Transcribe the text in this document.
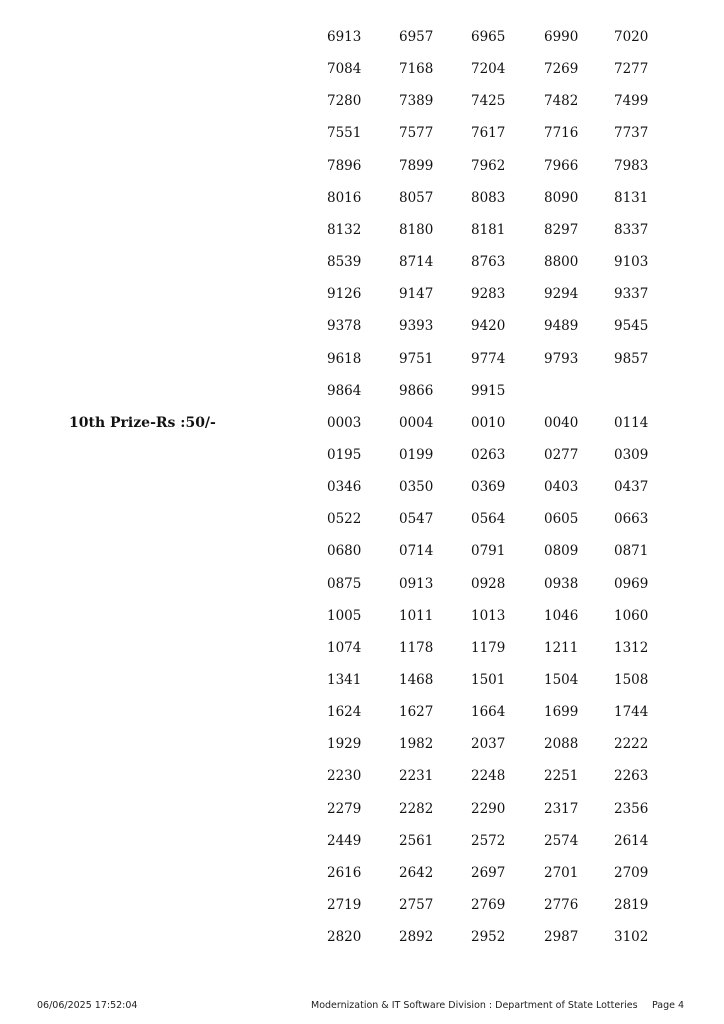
6913	6957	6965	6990	7020
7084	7168	7204	7269	7277
7280	7389	7425	7482	7499
7551	7577	7617	7716	7737
7896	7899	7962	7966	7983
8016	8057	8083	8090	8131
8132	8180	8181	8297	8337
8539	8714	8763	8800	9103
9126	9147	9283	9294	9337
9378	9393	9420	9489	9545
9618	9751	9774	9793	9857
9864	9866	9915
10th Prize-Rs :50/-	0003	0004	0010	0040	0114
0195	0199	0263	0277	0309
0346	0350	0369	0403	0437
0522	0547	0564	0605	0663
0680	0714	0791	0809	0871
0875	0913	0928	0938	0969
1005	1011	1013	1046	1060
1074	1178	1179	1211	1312
1341	1468	1501	1504	1508
1624	1627	1664	1699	1744
1929	1982	2037	2088	2222
2230	2231	2248	2251	2263
2279	2282	2290	2317	2356
2449	2561	2572	2574	2614
2616	2642	2697	2701	2709
2719	2757	2769	2776	2819
2820	2892	2952	2987	3102
06/06/2025 17:52:04	Modernization & IT Software Division : Department of State Lotteries Page 4
